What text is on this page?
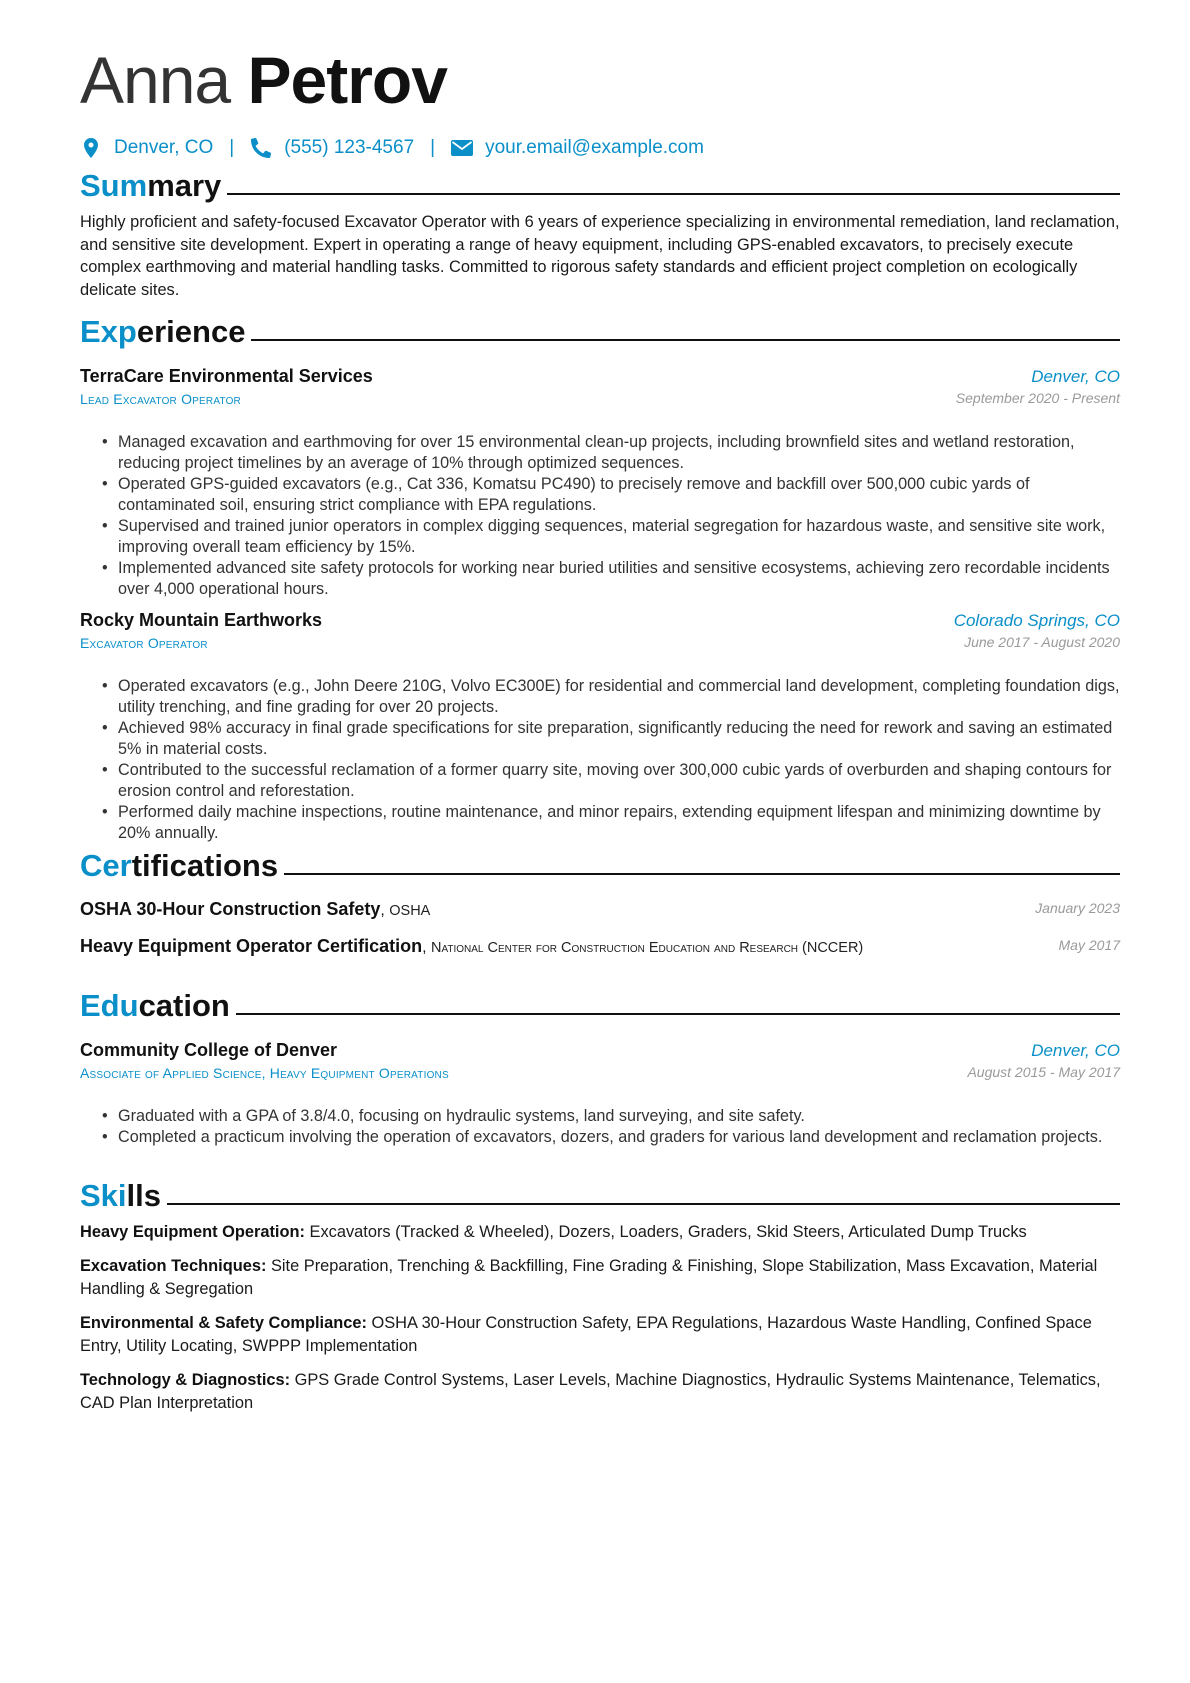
Anna Petrov
Denver, CO |	(555) 123-4567 |	your.email@example.com
Summary
Highly proficient and safety-focused Excavator Operator with 6 years of experience specializing in environmental remediation, land reclamation, and sensitive site development. Expert in operating a range of heavy equipment, including GPS-enabled excavators, to precisely execute complex earthmoving and material handling tasks. Committed to rigorous safety standards and efficient project completion on ecologically delicate sites.
Experience
TerraCare Environmental Services	Denver, CO
Lead Excavator Operator	September 2020 - Present
• Managed excavation and earthmoving for over 15 environmental clean-up projects, including brownfield sites and wetland restoration, reducing project timelines by an average of 10% through optimized sequences.
• Operated GPS-guided excavators (e.g., Cat 336, Komatsu PC490) to precisely remove and backfill over 500,000 cubic yards of contaminated soil, ensuring strict compliance with EPA regulations.
• Supervised and trained junior operators in complex digging sequences, material segregation for hazardous waste, and sensitive site work, improving overall team efficiency by 15%.
• Implemented advanced site safety protocols for working near buried utilities and sensitive ecosystems, achieving zero recordable incidents over 4,000 operational hours.
Rocky Mountain Earthworks	Colorado Springs, CO
Excavator Operator	June 2017 - August 2020
• Operated excavators (e.g., John Deere 210G, Volvo EC300E) for residential and commercial land development, completing foundation digs, utility trenching, and fine grading for over 20 projects.
• Achieved 98% accuracy in final grade specifications for site preparation, significantly reducing the need for rework and saving an estimated 5% in material costs.
• Contributed to the successful reclamation of a former quarry site, moving over 300,000 cubic yards of overburden and shaping contours for erosion control and reforestation.
• Performed daily machine inspections, routine maintenance, and minor repairs, extending equipment lifespan and minimizing downtime by 20% annually.
Certifications
OSHA 30-Hour Construction Safety, OSHA	January 2023
Heavy Equipment Operator Certification, National Center for Construction Education and Research (NCCER)	May 2017
Education
Community College of Denver	Denver, CO
Associate of Applied Science, Heavy Equipment Operations	August 2015 - May 2017
• Graduated with a GPA of 3.8/4.0, focusing on hydraulic systems, land surveying, and site safety.
• Completed a practicum involving the operation of excavators, dozers, and graders for various land development and reclamation projects.
Skills
Heavy Equipment Operation: Excavators (Tracked & Wheeled), Dozers, Loaders, Graders, Skid Steers, Articulated Dump Trucks
Excavation Techniques: Site Preparation, Trenching & Backfilling, Fine Grading & Finishing, Slope Stabilization, Mass Excavation, Material Handling & Segregation
Environmental & Safety Compliance: OSHA 30-Hour Construction Safety, EPA Regulations, Hazardous Waste Handling, Confined Space Entry, Utility Locating, SWPPP Implementation
Technology & Diagnostics: GPS Grade Control Systems, Laser Levels, Machine Diagnostics, Hydraulic Systems Maintenance, Telematics, CAD Plan Interpretation
